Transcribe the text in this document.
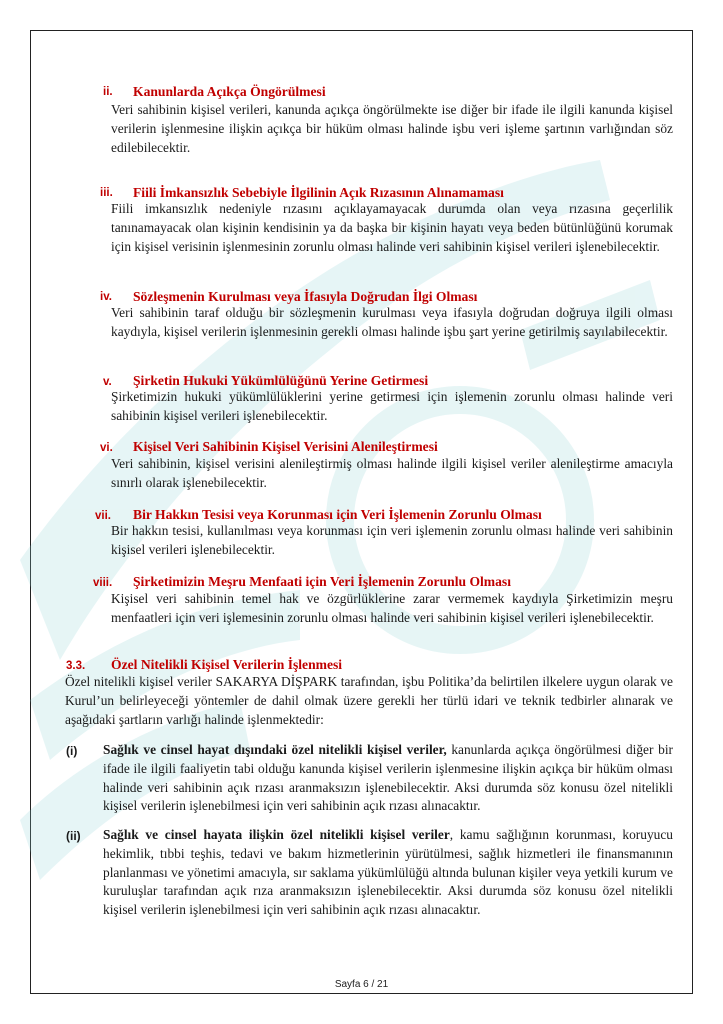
ii. Kanunlarda Açıkça Öngörülmesi
Veri sahibinin kişisel verileri, kanunda açıkça öngörülmekte ise diğer bir ifade ile ilgili kanunda kişisel verilerin işlenmesine ilişkin açıkça bir hüküm olması halinde işbu veri işleme şartının varlığından söz edilebilecektir.
iii. Fiili İmkansızlık Sebebiyle İlgilinin Açık Rızasının Alınamaması
Fiili imkansızlık nedeniyle rızasını açıklayamayacak durumda olan veya rızasına geçerlilik tanınamayacak olan kişinin kendisinin ya da başka bir kişinin hayatı veya beden bütünlüğünü korumak için kişisel verisinin işlenmesinin zorunlu olması halinde veri sahibinin kişisel verileri işlenebilecektir.
iv. Sözleşmenin Kurulması veya İfasıyla Doğrudan İlgi Olması
Veri sahibinin taraf olduğu bir sözleşmenin kurulması veya ifasıyla doğrudan doğruya ilgili olması kaydıyla, kişisel verilerin işlenmesinin gerekli olması halinde işbu şart yerine getirilmiş sayılabilecektir.
v. Şirketin Hukuki Yükümlülüğünü Yerine Getirmesi
Şirketimizin hukuki yükümlülüklerini yerine getirmesi için işlemenin zorunlu olması halinde veri sahibinin kişisel verileri işlenebilecektir.
vi. Kişisel Veri Sahibinin Kişisel Verisini Alenileştirmesi
Veri sahibinin, kişisel verisini alenileştirmiş olması halinde ilgili kişisel veriler alenileştirme amacıyla sınırlı olarak işlenebilecektir.
vii. Bir Hakkın Tesisi veya Korunması için Veri İşlemenin Zorunlu Olması
Bir hakkın tesisi, kullanılması veya korunması için veri işlemenin zorunlu olması halinde veri sahibinin kişisel verileri işlenebilecektir.
viii. Şirketimizin Meşru Menfaati için Veri İşlemenin Zorunlu Olması
Kişisel veri sahibinin temel hak ve özgürlüklerine zarar vermemek kaydıyla Şirketimizin meşru menfaatleri için veri işlemesinin zorunlu olması halinde veri sahibinin kişisel verileri işlenebilecektir.
3.3. Özel Nitelikli Kişisel Verilerin İşlenmesi
Özel nitelikli kişisel veriler SAKARYA DİŞPARK tarafından, işbu Politika’da belirtilen ilkelere uygun olarak ve Kurul’un belirleyeceği yöntemler de dahil olmak üzere gerekli her türlü idari ve teknik tedbirler alınarak ve aşağıdaki şartların varlığı halinde işlenmektedir:
(i) Sağlık ve cinsel hayat dışındaki özel nitelikli kişisel veriler, kanunlarda açıkça öngörülmesi diğer bir ifade ile ilgili faaliyetin tabi olduğu kanunda kişisel verilerin işlenmesine ilişkin açıkça bir hüküm olması halinde veri sahibinin açık rızası aranmaksızın işlenebilecektir. Aksi durumda söz konusu özel nitelikli kişisel verilerin işlenebilmesi için veri sahibinin açık rızası alınacaktır.
(ii) Sağlık ve cinsel hayata ilişkin özel nitelikli kişisel veriler, kamu sağlığının korunması, koruyucu hekimlik, tıbbi teşhis, tedavi ve bakım hizmetlerinin yürütülmesi, sağlık hizmetleri ile finansmanının planlanması ve yönetimi amacıyla, sır saklama yükümlülüğü altında bulunan kişiler veya yetkili kurum ve kuruluşlar tarafından açık rıza aranmaksızın işlenebilecektir. Aksi durumda söz konusu özel nitelikli kişisel verilerin işlenebilmesi için veri sahibinin açık rızası alınacaktır.
Sayfa 6 / 21
